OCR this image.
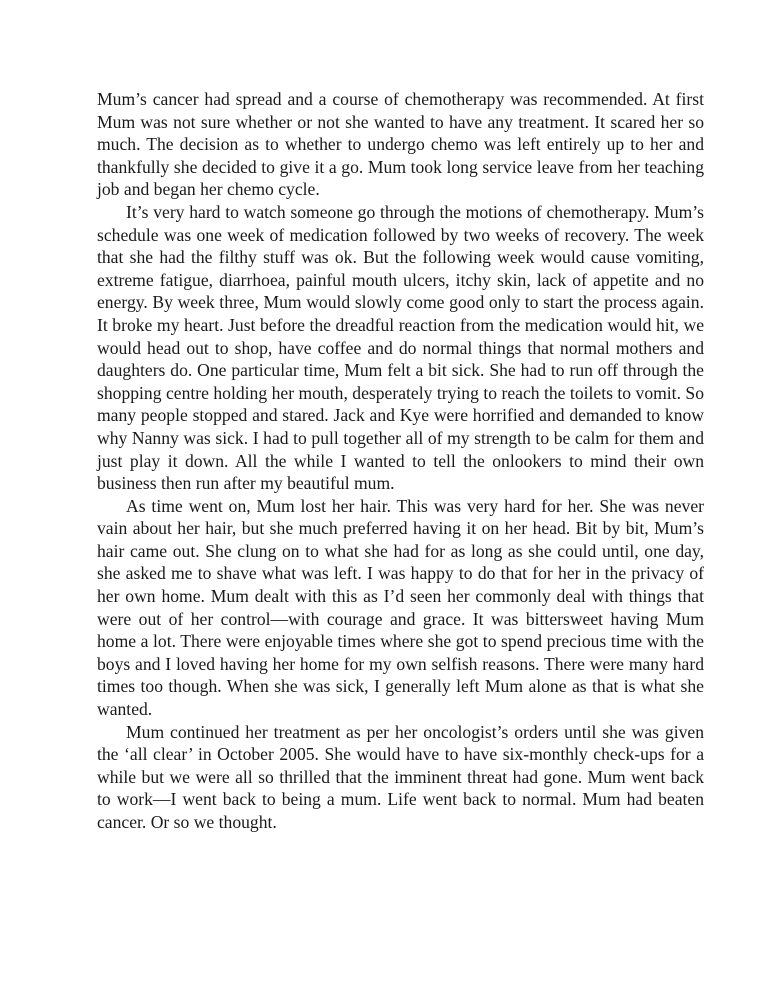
Mum’s cancer had spread and a course of chemotherapy was recommended. At first Mum was not sure whether or not she wanted to have any treatment. It scared her so much. The decision as to whether to undergo chemo was left entirely up to her and thankfully she decided to give it a go. Mum took long service leave from her teaching job and began her chemo cycle.

It’s very hard to watch someone go through the motions of chemotherapy. Mum’s schedule was one week of medication followed by two weeks of recovery. The week that she had the filthy stuff was ok. But the following week would cause vomiting, extreme fatigue, diarrhoea, painful mouth ulcers, itchy skin, lack of appetite and no energy. By week three, Mum would slowly come good only to start the process again. It broke my heart. Just before the dreadful reaction from the medication would hit, we would head out to shop, have coffee and do normal things that normal mothers and daughters do. One particular time, Mum felt a bit sick. She had to run off through the shopping centre holding her mouth, desperately trying to reach the toilets to vomit. So many people stopped and stared. Jack and Kye were horrified and demanded to know why Nanny was sick. I had to pull together all of my strength to be calm for them and just play it down. All the while I wanted to tell the onlookers to mind their own business then run after my beautiful mum.

As time went on, Mum lost her hair. This was very hard for her. She was never vain about her hair, but she much preferred having it on her head. Bit by bit, Mum’s hair came out. She clung on to what she had for as long as she could until, one day, she asked me to shave what was left. I was happy to do that for her in the privacy of her own home. Mum dealt with this as I’d seen her commonly deal with things that were out of her control—with courage and grace. It was bittersweet having Mum home a lot. There were enjoyable times where she got to spend precious time with the boys and I loved having her home for my own selfish reasons. There were many hard times too though. When she was sick, I generally left Mum alone as that is what she wanted.

Mum continued her treatment as per her oncologist’s orders until she was given the ‘all clear’ in October 2005. She would have to have six-monthly check-ups for a while but we were all so thrilled that the imminent threat had gone. Mum went back to work—I went back to being a mum. Life went back to normal. Mum had beaten cancer. Or so we thought.
